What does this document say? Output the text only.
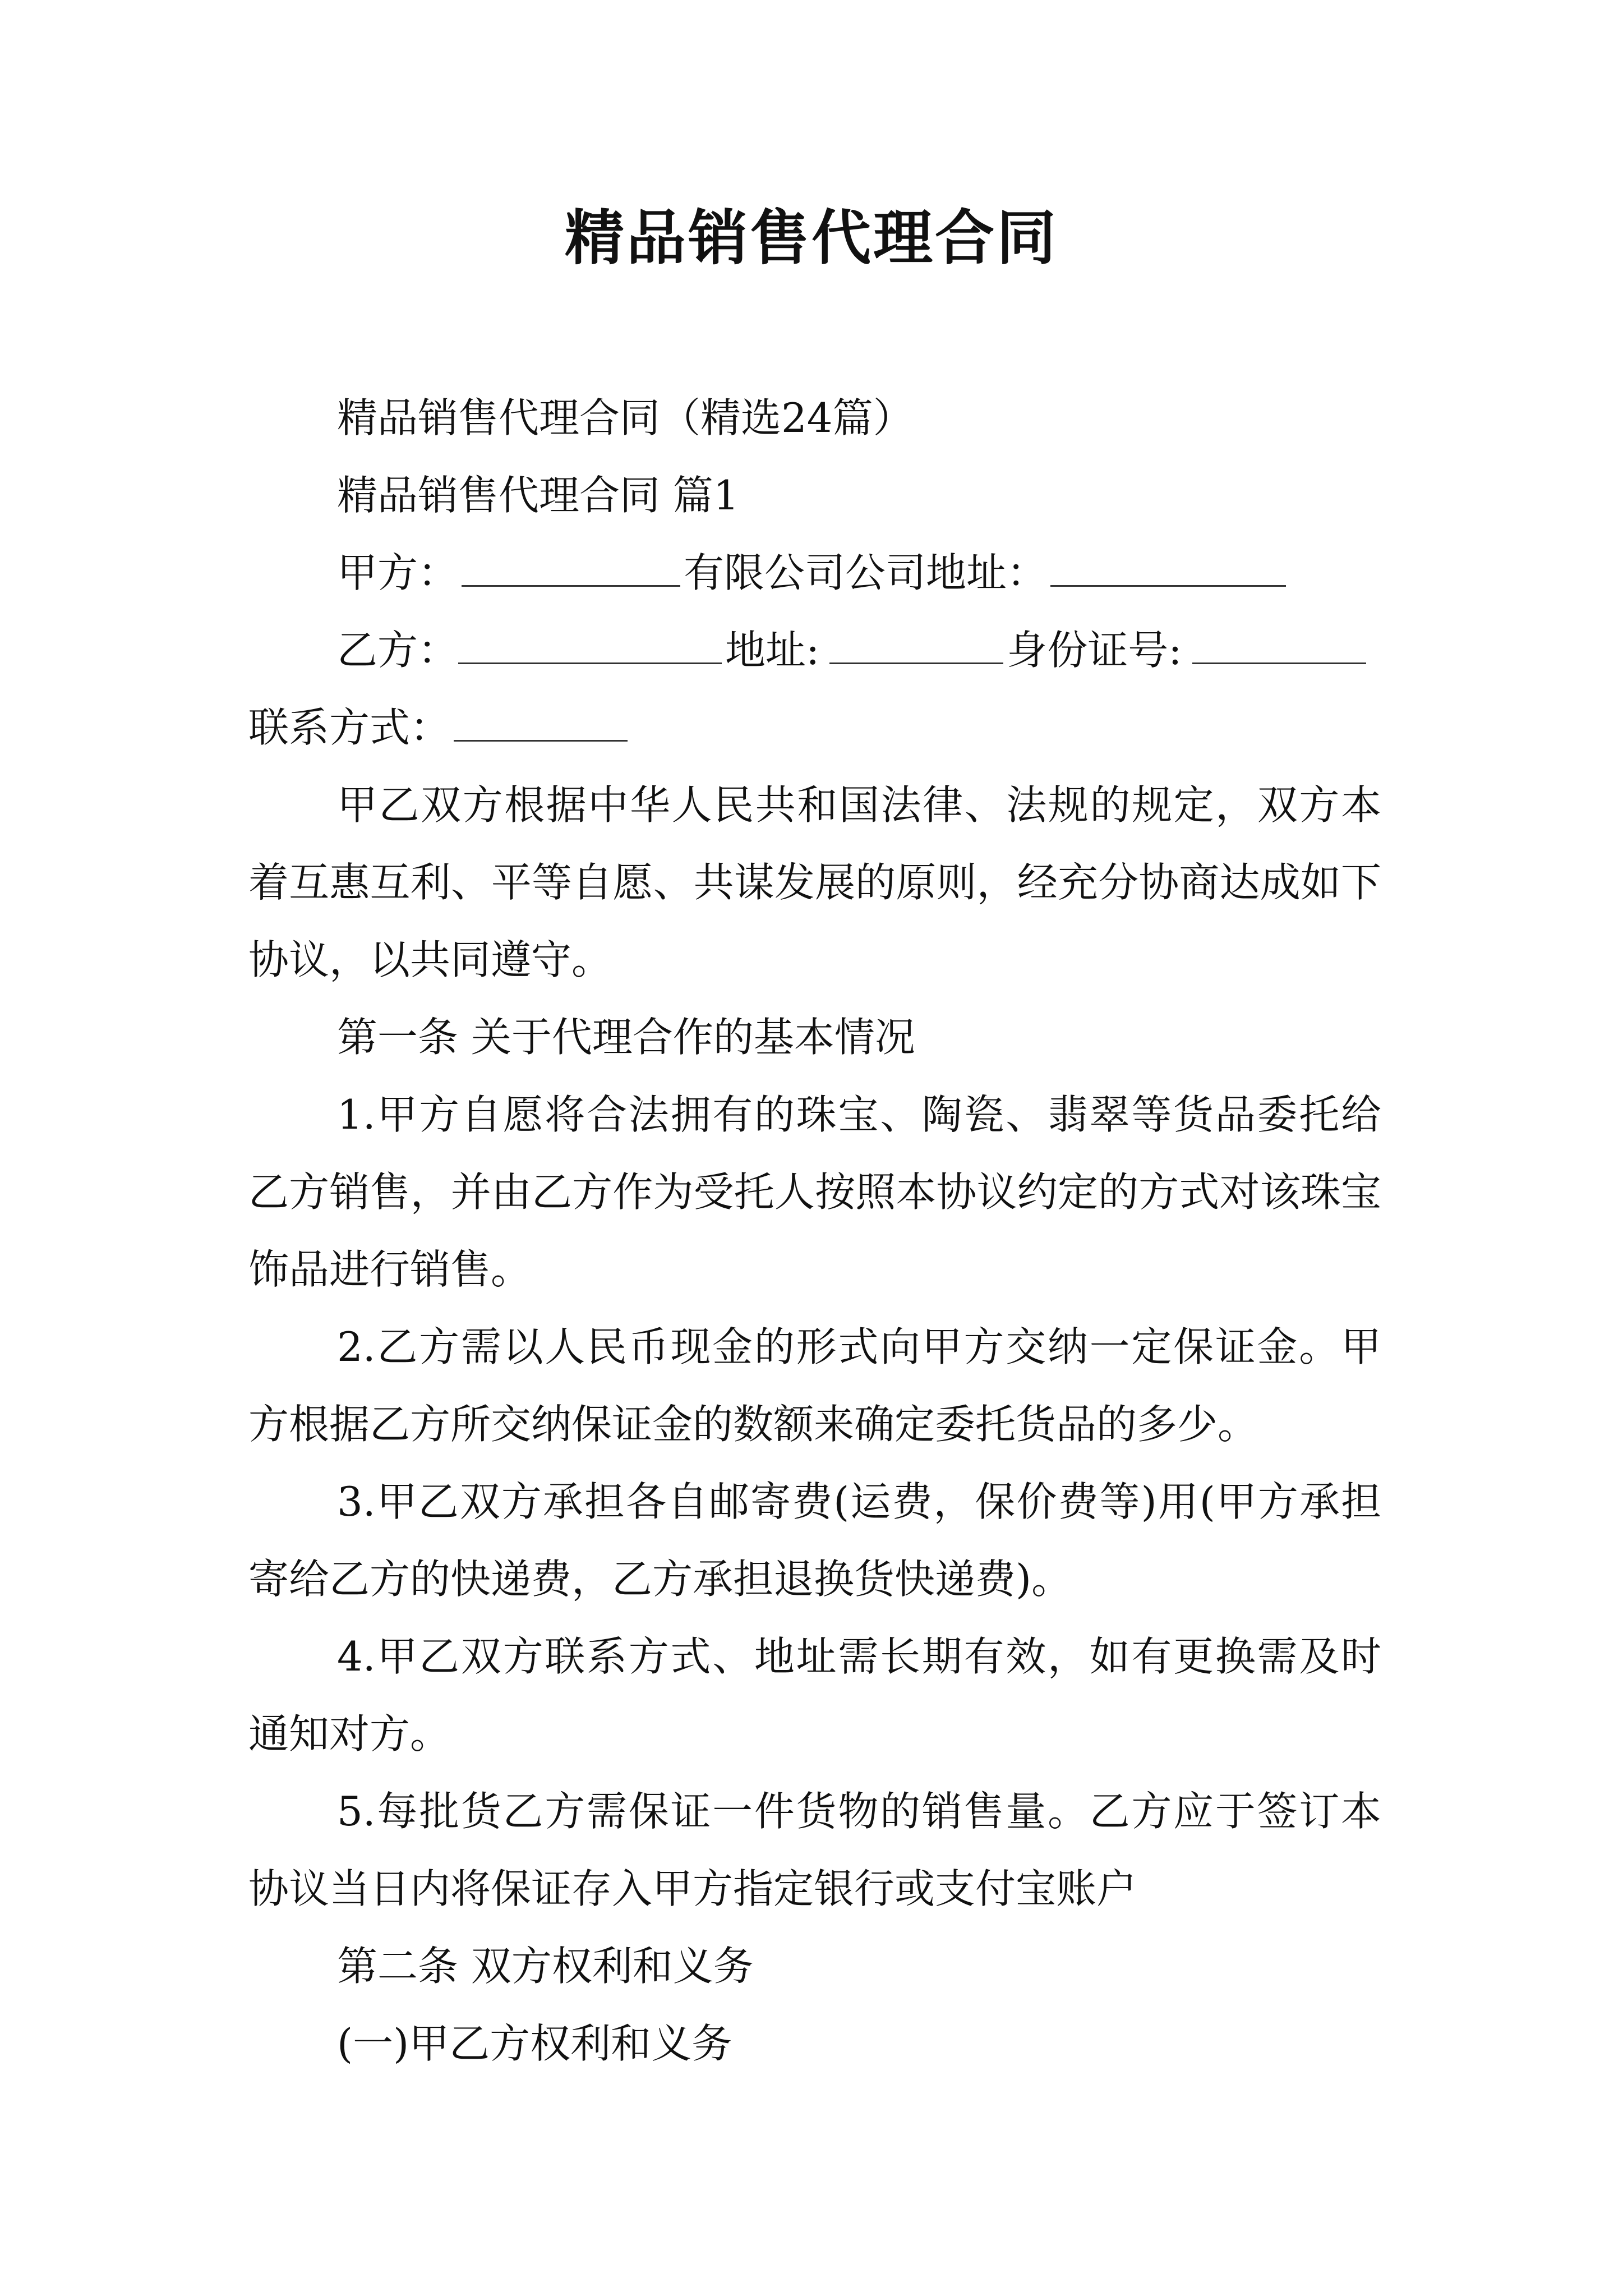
精品销售代理合同

精品销售代理合同（精选24篇）

精品销售代理合同 篇1

甲方：	有限公司公司地址：

乙方：	地址:	身份证号:

联系方式：

甲乙双方根据中华人民共和国法律、法规的规定，双方本着互惠互利、平等自愿、共谋发展的原则，经充分协商达成如下协议，以共同遵守。

第一条 关于代理合作的基本情况

1.甲方自愿将合法拥有的珠宝、陶瓷、翡翠等货品委托给乙方销售，并由乙方作为受托人按照本协议约定的方式对该珠宝饰品进行销售。

2.乙方需以人民币现金的形式向甲方交纳一定保证金。甲方根据乙方所交纳保证金的数额来确定委托货品的多少。

3.甲乙双方承担各自邮寄费(运费，保价费等)用(甲方承担寄给乙方的快递费，乙方承担退换货快递费)。

4.甲乙双方联系方式、地址需长期有效，如有更换需及时通知对方。

5.每批货乙方需保证一件货物的销售量。乙方应于签订本协议当日内将保证存入甲方指定银行或支付宝账户

第二条 双方权利和义务

(一)甲乙方权利和义务
